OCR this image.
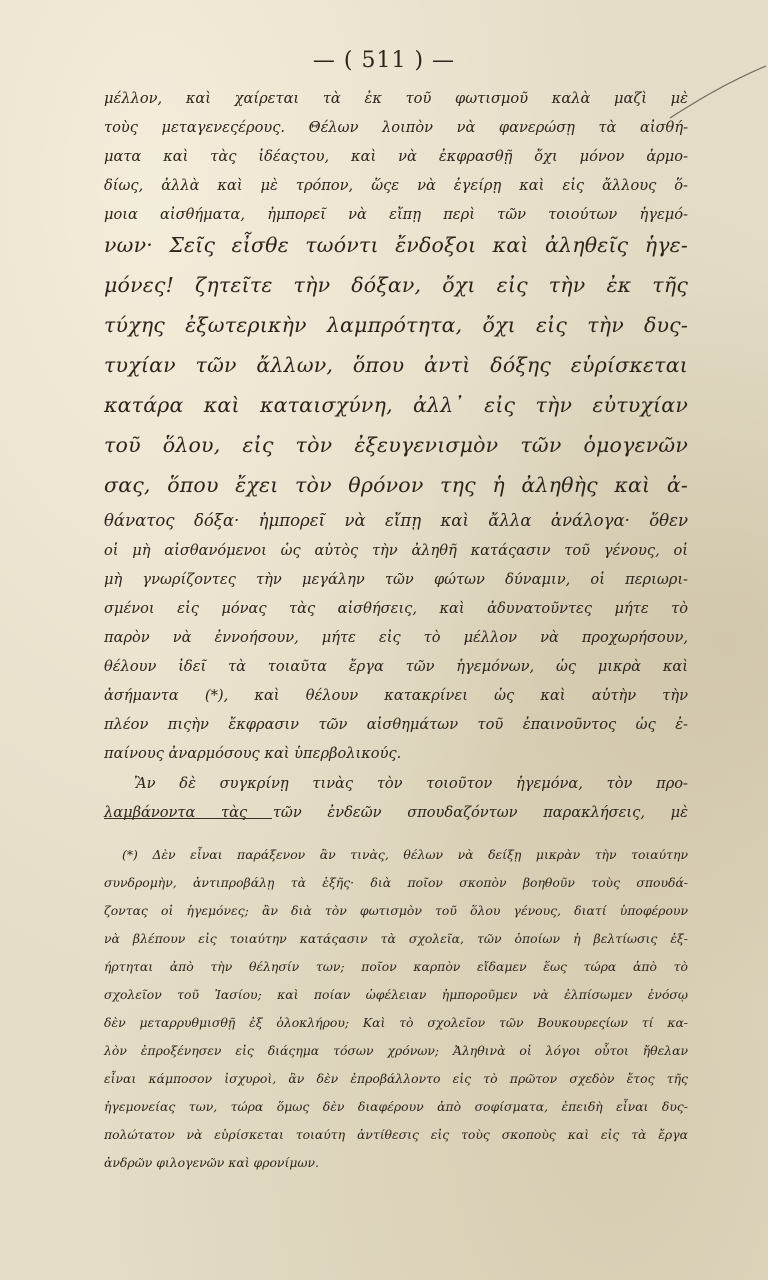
— ( 511 ) —
μέλλον, καὶ χαίρεται τὰ ἐκ τοῦ φωτισμοῦ καλὰ μαζὶ μὲ
τοὺς μεταγενεςέρους. Θέλων λοιπὸν νὰ φανερώσῃ τὰ αἰσθή-
ματα καὶ τὰς ἰδέαςτου, καὶ νὰ ἐκφρασθῇ ὄχι μόνον ἁρμο-
δίως, ἀλλὰ καὶ μὲ τρόπον, ὥςε νὰ ἐγείρῃ καὶ εἰς ἄλλους ὅ-
μοια αἰσθήματα, ἠμπορεῖ νὰ εἴπῃ περὶ τῶν τοιούτων ἡγεμό-
νων· Σεῖς εἶσθε τωόντι ἔνδοξοι καὶ ἀληθεῖς ἡγε-
μόνες! ζητεῖτε τὴν δόξαν, ὄχι εἰς τὴν ἐκ τῆς
τύχης ἐξωτερικὴν λαμπρότητα, ὄχι εἰς τὴν δυς-
τυχίαν τῶν ἄλλων, ὅπου ἀντὶ δόξης εὑρίσκεται
κατάρα καὶ καταισχύνη, ἀλλ᾽ εἰς τὴν εὐτυχίαν
τοῦ ὅλου, εἰς τὸν ἐξευγενισμὸν τῶν ὁμογενῶν
σας, ὅπου ἔχει τὸν θρόνον της ἡ ἀληθὴς καὶ ἀ-
θάνατος δόξα· ἠμπορεῖ νὰ εἴπῃ καὶ ἄλλα ἀνάλογα· ὅθεν
οἱ μὴ αἰσθανόμενοι ὡς αὐτὸς τὴν ἀληθῆ κατάςασιν τοῦ γένους, οἱ
μὴ γνωρίζοντες τὴν μεγάλην τῶν φώτων δύναμιν, οἱ περιωρι-
σμένοι εἰς μόνας τὰς αἰσθήσεις, καὶ ἀδυνατοῦντες μήτε τὸ
παρὸν νὰ ἐννοήσουν, μήτε εἰς τὸ μέλλον νὰ προχωρήσουν,
θέλουν ἰδεῖ τὰ τοιαῦτα ἔργα τῶν ἡγεμόνων, ὡς μικρὰ καὶ
ἀσήμαντα (*), καὶ θέλουν κατακρίνει ὡς καὶ αὐτὴν τὴν
πλέον πιςὴν ἔκφρασιν τῶν αἰσθημάτων τοῦ ἐπαινοῦντος ὡς ἐ-
παίνους ἀναρμόσους καὶ ὑπερβολικούς.
Ἂν δὲ συγκρίνῃ τινὰς τὸν τοιοῦτον ἡγεμόνα, τὸν προ-
λαμβάνοντα τὰς τῶν ἐνδεῶν σπουδαζόντων παρακλήσεις, μὲ
(*) Δὲν εἶναι παράξενον ἂν τινὰς, θέλων νὰ δείξῃ μικρὰν τὴν τοιαύτην
συνδρομὴν, ἀντιπροβάλῃ τὰ ἑξῆς· διὰ ποῖον σκοπὸν βοηθοῦν τοὺς σπουδά-
ζοντας οἱ ἡγεμόνες; ἂν διὰ τὸν φωτισμὸν τοῦ ὅλου γένους, διατί ὑποφέρουν
νὰ βλέπουν εἰς τοιαύτην κατάςασιν τὰ σχολεῖα, τῶν ὁποίων ἡ βελτίωσις ἐξ-
ήρτηται ἀπὸ τὴν θέλησίν των; ποῖον καρπὸν εἴδαμεν ἕως τώρα ἀπὸ τὸ
σχολεῖον τοῦ Ἰασίου; καὶ ποίαν ὠφέλειαν ἠμποροῦμεν νὰ ἐλπίσωμεν ἐνόσῳ
δὲν μεταρρυθμισθῇ ἐξ ὁλοκλήρου; Καὶ τὸ σχολεῖον τῶν Βουκουρεςίων τί κα-
λὸν ἐπροξένησεν εἰς διάςημα τόσων χρόνων; Ἀληθινὰ οἱ λόγοι οὗτοι ἤθελαν
εἶναι κάμποσον ἰσχυροὶ, ἂν δὲν ἐπροβάλλοντο εἰς τὸ πρῶτον σχεδὸν ἔτος τῆς
ἡγεμονείας των, τώρα ὅμως δὲν διαφέρουν ἀπὸ σοφίσματα, ἐπειδὴ εἶναι δυς-
πολώτατον νὰ εὑρίσκεται τοιαύτη ἀντίθεσις εἰς τοὺς σκοποὺς καὶ εἰς τὰ ἔργα
ἀνδρῶν φιλογενῶν καὶ φρονίμων.
